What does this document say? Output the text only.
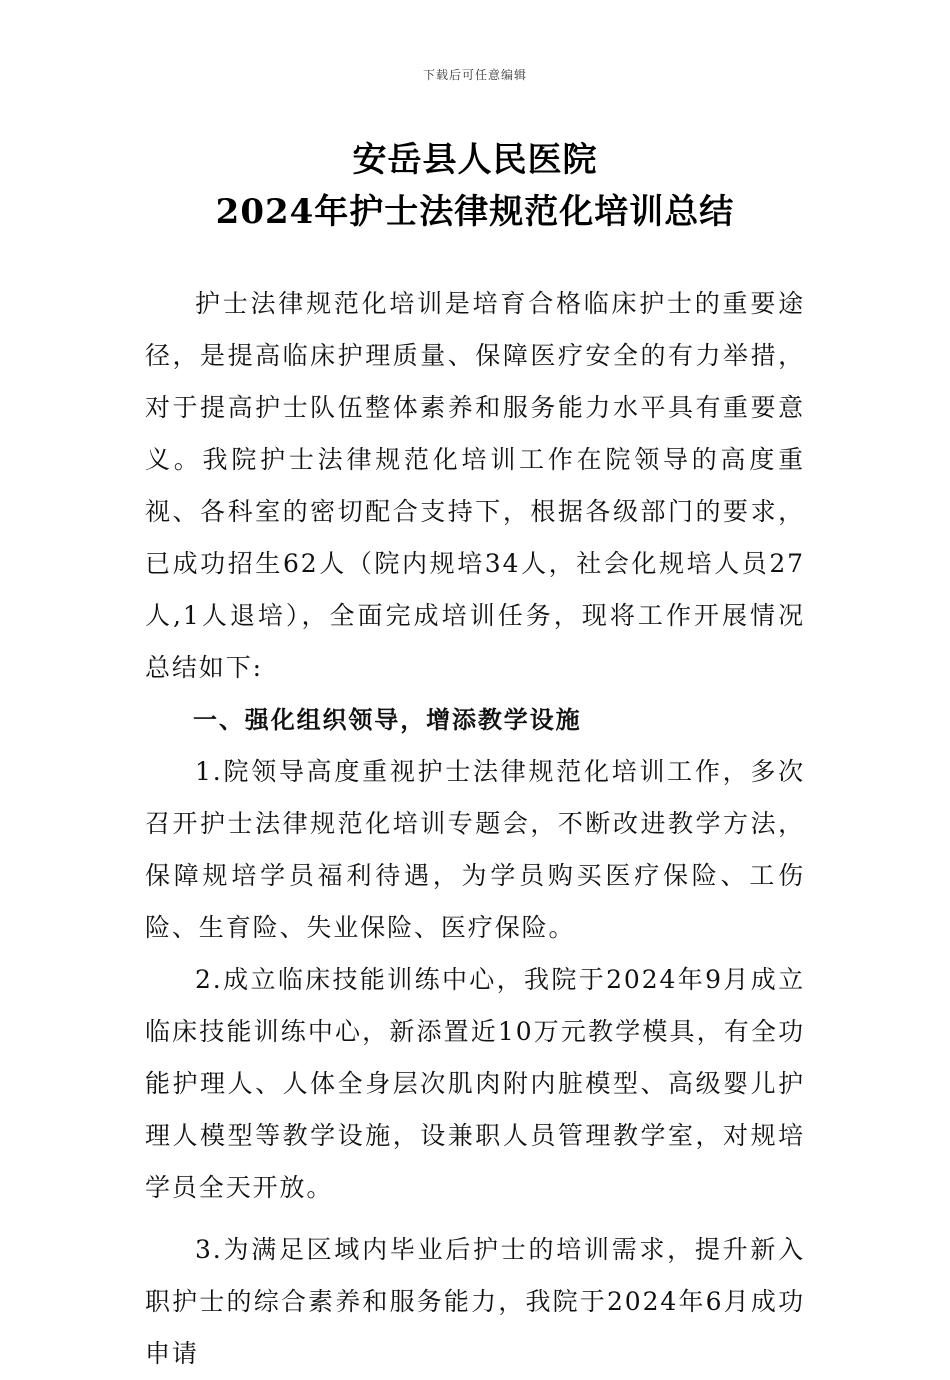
下载后可任意编辑
安岳县人民医院
2024年护士法律规范化培训总结

护士法律规范化培训是培育合格临床护士的重要途径，是提高临床护理质量、保障医疗安全的有力举措，对于提高护士队伍整体素养和服务能力水平具有重要意义。我院护士法律规范化培训工作在院领导的高度重视、各科室的密切配合支持下，根据各级部门的要求，已成功招生62人（院内规培34人，社会化规培人员27人,1人退培），全面完成培训任务，现将工作开展情况总结如下:

一、强化组织领导，增添教学设施

1.院领导高度重视护士法律规范化培训工作，多次召开护士法律规范化培训专题会，不断改进教学方法，保障规培学员福利待遇，为学员购买医疗保险、工伤险、生育险、失业保险、医疗保险。

2.成立临床技能训练中心，我院于2024年9月成立临床技能训练中心，新添置近10万元教学模具，有全功能护理人、人体全身层次肌肉附内脏模型、高级婴儿护理人模型等教学设施，设兼职人员管理教学室，对规培学员全天开放。

3.为满足区域内毕业后护士的培训需求，提升新入职护士的综合素养和服务能力，我院于2024年6月成功申请
